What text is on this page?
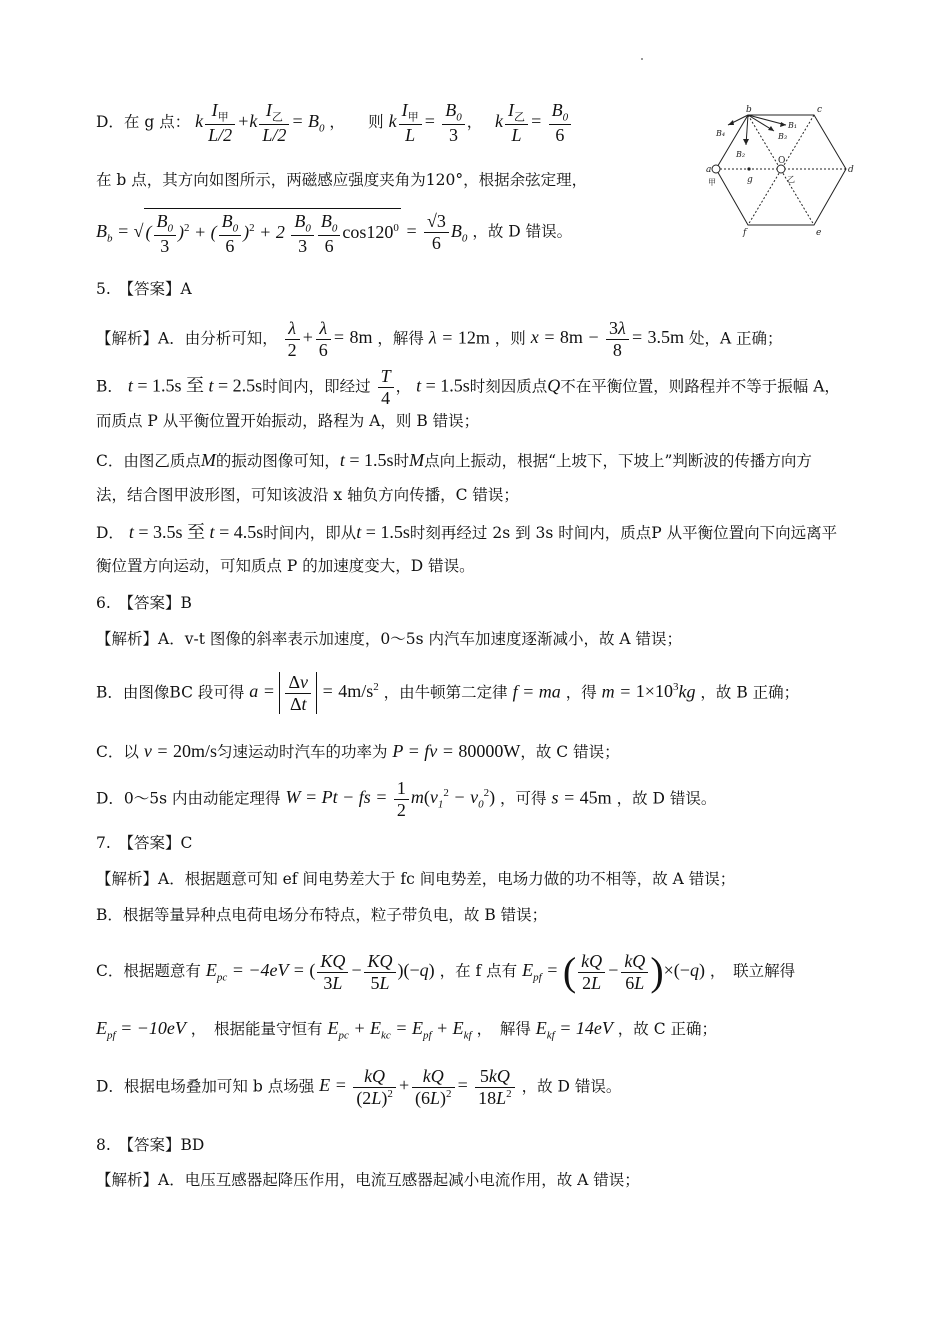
D．在 g 点： k $\frac{I_甲}{L/2} +k \frac{I_乙}{L/2} = B_0$ ，　　则 k $\frac{I_甲}{L} = \frac{B_0}{3}$ ，　 k $\frac{I_乙}{L} = \frac{B_0}{6}$
在 b 点，其方向如图所示，两磁感应强度夹角为120°，根据余弦定理，
$B_b$ = √ ( $\frac{B_0}{3} )^2$ + ( $\frac{B_0}{6} )^2 + 2 \frac{B_0}{3} \frac{B_0}{6} \cos 120^0 = \frac{√3}{6} B_0$ ，故 D 错误。
b	c
d
e
f
a
甲	g
O
乙
B₄
B₂
B₃
B₁
5.　【答案】A
【解析】A．由分析可知， $\frac{\lambda}{2} + \frac{\lambda}{6} = 8m$ ，解得 λ = 12m ，则 $x = 8m - \frac{3\lambda}{8} = 3.5m$ 处，A 正确；
B． t = 1.5s 至 t = 2.5s时间内，即经过 $\frac{T}{4}$ ， t = 1.5s时刻因质点Q不在平衡位置，则路程并不等于振幅 A，
而质点 P 从平衡位置开始振动，路程为 A，则 B 错误；
C．由图乙质点M的振动图像可知，t = 1.5s时M点向上振动，根据“上坡下，下坡上”判断波的传播方向方
法，结合图甲波形图，可知该波沿 x 轴负方向传播，C 错误；
D． t = 3.5s 至 t = 4.5s时间内，即从t = 1.5s时刻再经过 2s 到 3s 时间内，质点P 从平衡位置向下向远离平
衡位置方向运动，可知质点 P 的加速度变大，D 错误。
6.　【答案】B
【解析】A．v-t 图像的斜率表示加速度，0～5s 内汽车加速度逐渐减小，故 A 错误；
B．由图像BC 段可得 $a = \frac{\Delta v}{\Delta t} = 4m/s^2$ ，由牛顿第二定律 f = ma ，得 $m = 1\times 10^3kg$ ，故 B 正确；
C．以 v = 20m/s匀速运动时汽车的功率为 P = fv = 80000W，故 C 错误；
D．0～5s 内由动能定理得 W = Pt − fs = $\frac{1}{2} m(v_1^2 - v_0^2)$ ，可得 s = 45m ，故 D 错误。
7.　【答案】C
【解析】A．根据题意可知 ef 间电势差大于 fc 间电势差，电场力做的功不相等，故 A 错误；
B．根据等量异种点电荷电场分布特点，粒子带负电，故 B 错误；
C．根据题意有 $E_{pc} = -4eV$ = ( $\frac{KQ}{3L} - \frac{KQ}{5L} )(-q)$ ，在 f 点有 $E_{pf}$ = ( $\frac{kQ}{2L} - \frac{kQ}{6L} )\times(-q)$ ，　联立解得
$E_{pf} = -10eV$ ，　根据能量守恒有 $E_{pc} + E_{kc} = E_{pf} + E_{kf}$ ，　解得 $E_{kf} = 14eV$ ，故 C 正确；
D．根据电场叠加可知 b 点场强 $E = \frac{kQ}{(2L)^2} + \frac{kQ}{(6L)^2} = \frac{5kQ}{18L^2}$ ，故 D 错误。
8.　【答案】BD
【解析】A．电压互感器起降压作用，电流互感器起减小电流作用，故 A 错误；
